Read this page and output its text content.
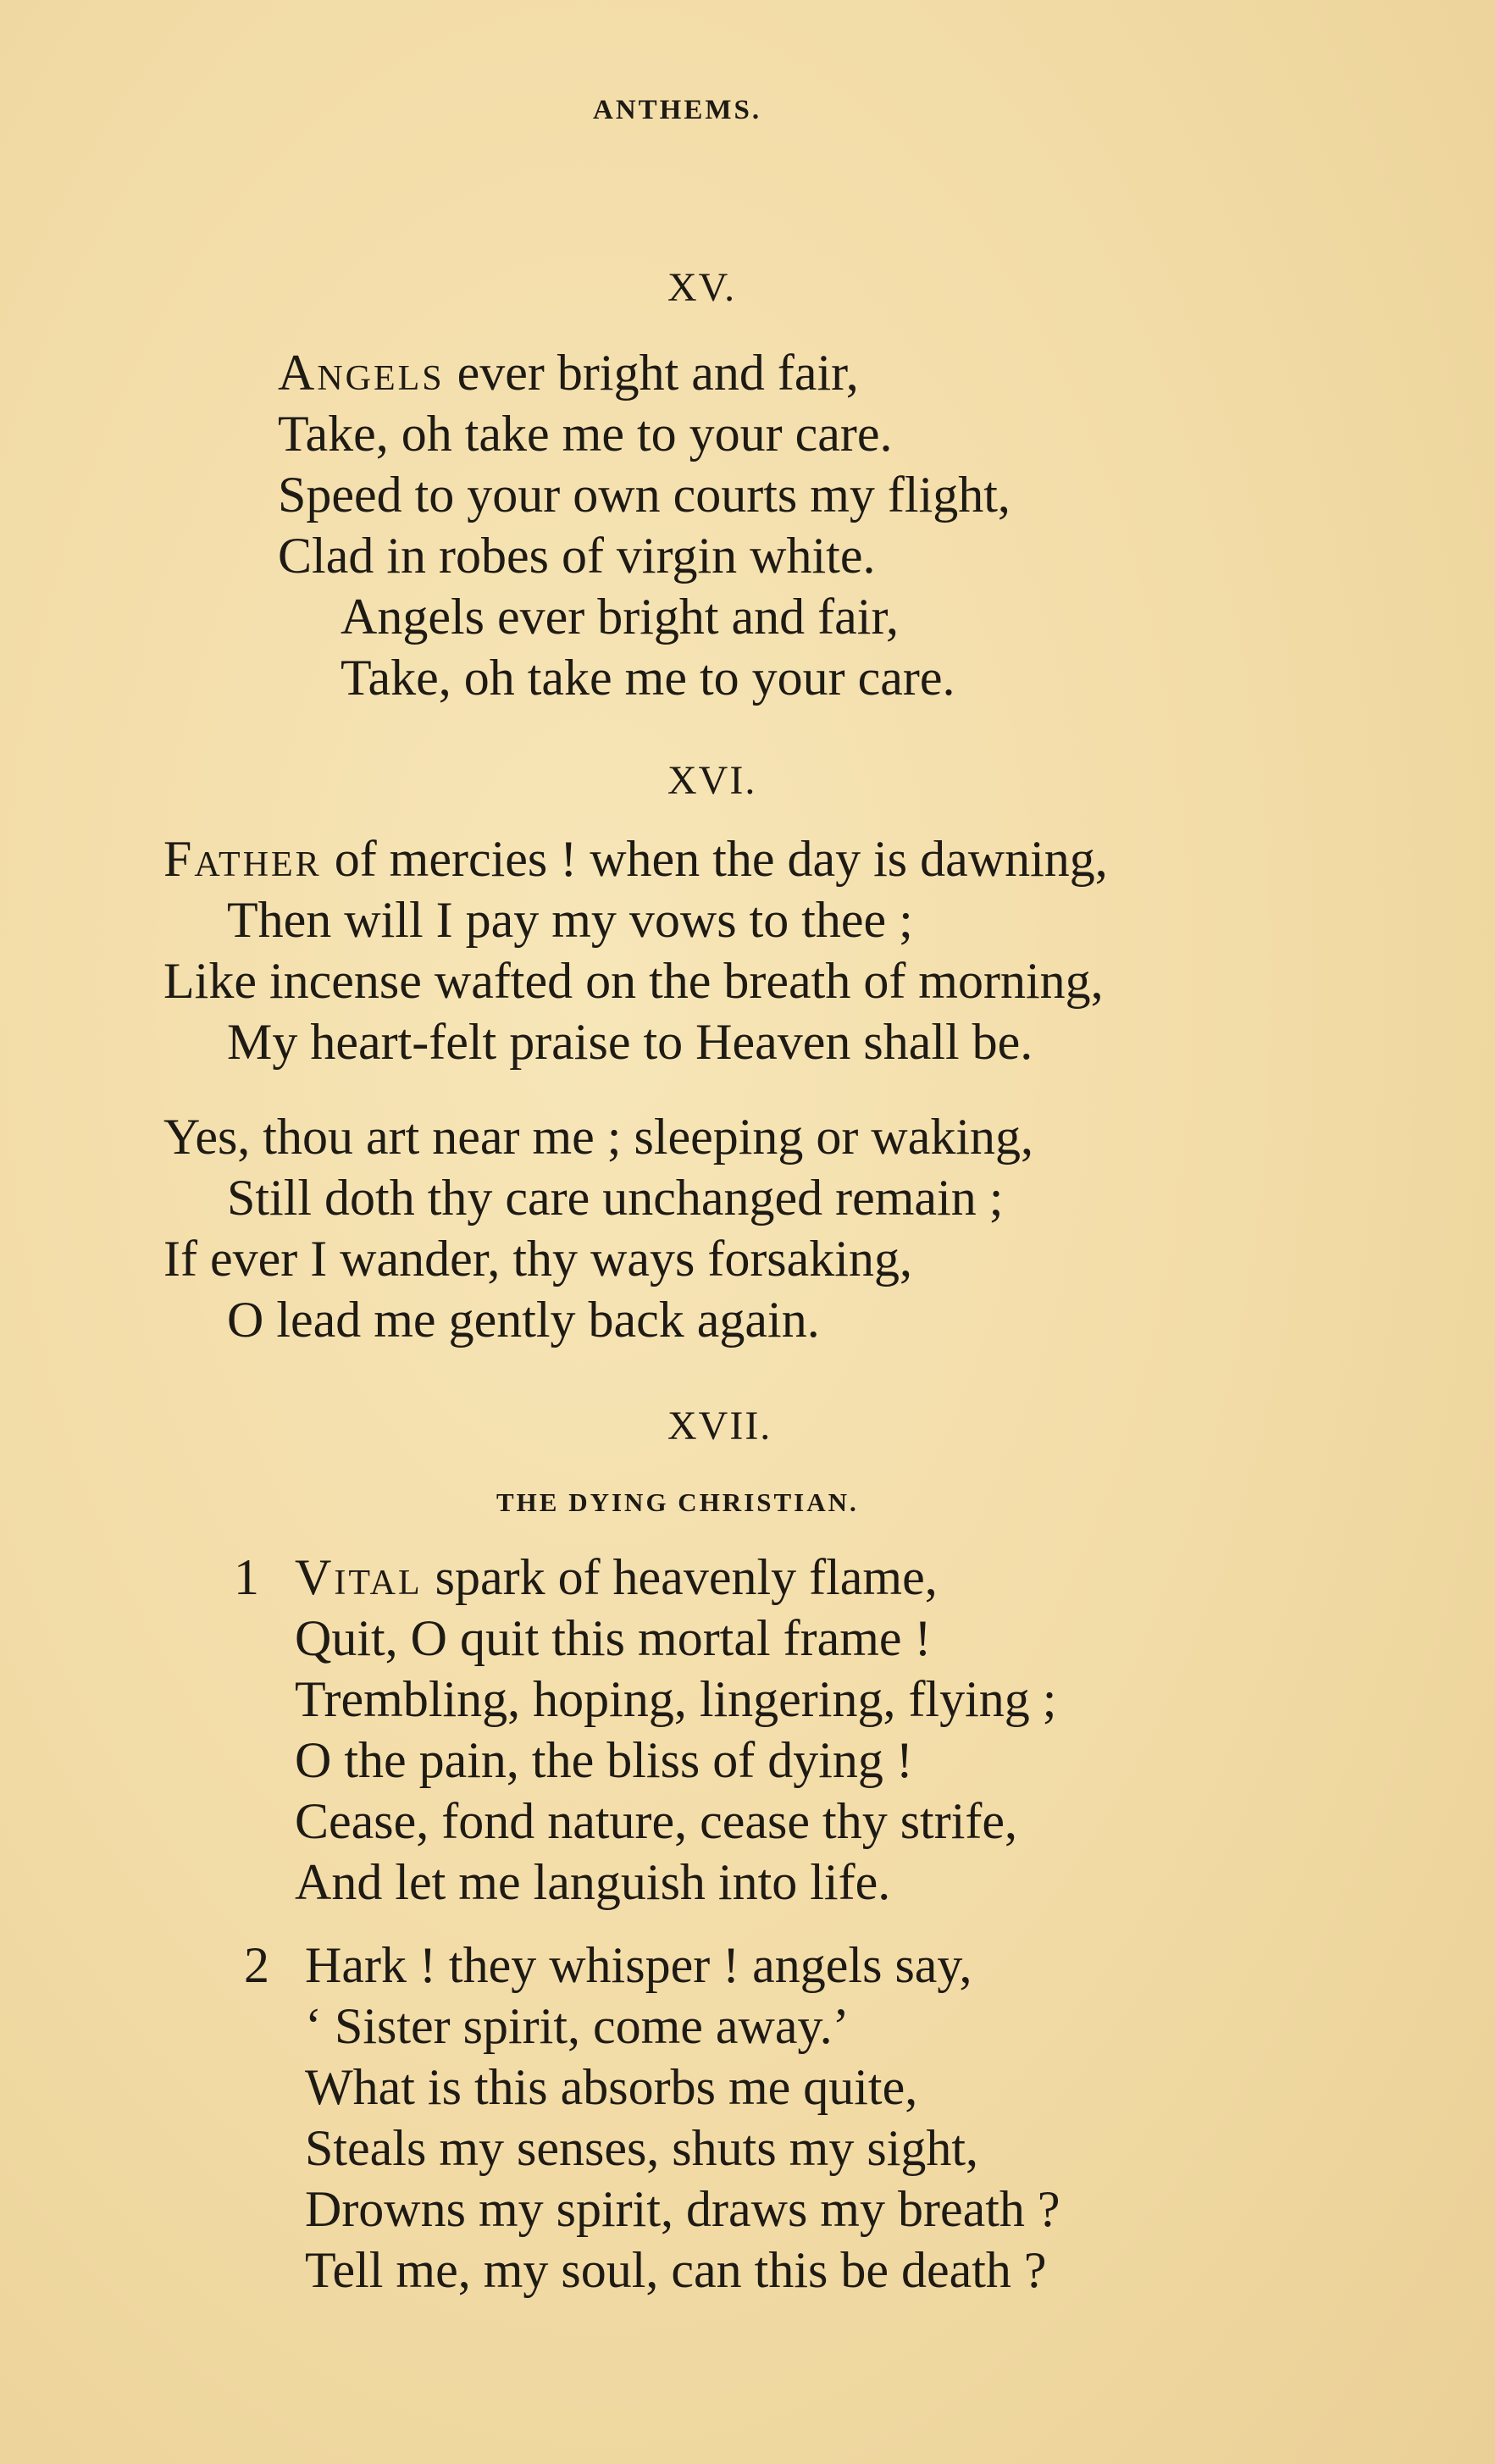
ANTHEMS.
XV.
Angels ever bright and fair,
Take, oh take me to your care.
Speed to your own courts my flight,
Clad in robes of virgin white.
Angels ever bright and fair,
Take, oh take me to your care.
XVI.
Father of mercies ! when the day is dawning,
Then will I pay my vows to thee ;
Like incense wafted on the breath of morning,
My heart-felt praise to Heaven shall be.
Yes, thou art near me ; sleeping or waking,
Still doth thy care unchanged remain ;
If ever I wander, thy ways forsaking,
O lead me gently back again.
XVII.
THE DYING CHRISTIAN.
1 Vital spark of heavenly flame,
Quit, O quit this mortal frame !
Trembling, hoping, lingering, flying ;
O the pain, the bliss of dying !
Cease, fond nature, cease thy strife,
And let me languish into life.
2 Hark ! they whisper ! angels say,
‘ Sister spirit, come away.’
What is this absorbs me quite,
Steals my senses, shuts my sight,
Drowns my spirit, draws my breath ?
Tell me, my soul, can this be death ?
